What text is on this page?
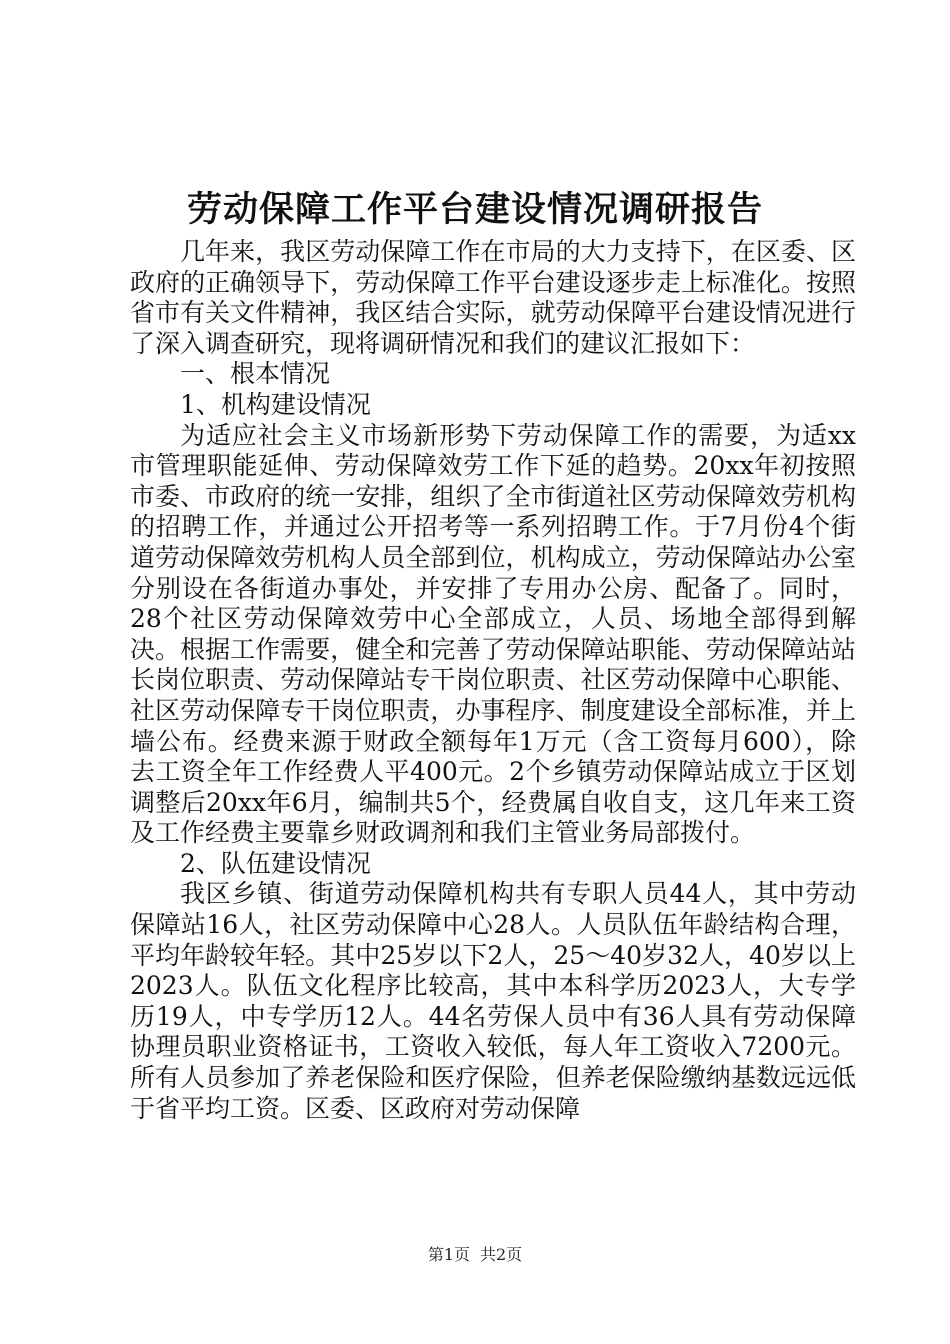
劳动保障工作平台建设情况调研报告

几年来，我区劳动保障工作在市局的大力支持下，在区委、区政府的正确领导下，劳动保障工作平台建设逐步走上标准化。按照省市有关文件精神，我区结合实际，就劳动保障平台建设情况进行了深入调查研究，现将调研情况和我们的建议汇报如下：

一、根本情况

1、机构建设情况

为适应社会主义市场新形势下劳动保障工作的需要，为适xx市管理职能延伸、劳动保障效劳工作下延的趋势。20xx年初按照市委、市政府的统一安排，组织了全市街道社区劳动保障效劳机构的招聘工作，并通过公开招考等一系列招聘工作。于7月份4个街道劳动保障效劳机构人员全部到位，机构成立，劳动保障站办公室分别设在各街道办事处，并安排了专用办公房、配备了。同时，28个社区劳动保障效劳中心全部成立，人员、场地全部得到解决。根据工作需要，健全和完善了劳动保障站职能、劳动保障站站长岗位职责、劳动保障站专干岗位职责、社区劳动保障中心职能、社区劳动保障专干岗位职责，办事程序、制度建设全部标准，并上墙公布。经费来源于财政全额每年1万元（含工资每月600），除去工资全年工作经费人平400元。2个乡镇劳动保障站成立于区划调整后20xx年6月，编制共5个，经费属自收自支，这几年来工资及工作经费主要靠乡财政调剂和我们主管业务局部拨付。

2、队伍建设情况

我区乡镇、街道劳动保障机构共有专职人员44人，其中劳动保障站16人，社区劳动保障中心28人。人员队伍年龄结构合理，平均年龄较年轻。其中25岁以下2人，25～40岁32人，40岁以上2023人。队伍文化程序比较高，其中本科学历2023人，大专学历19人，中专学历12人。44名劳保人员中有36人具有劳动保障协理员职业资格证书，工资收入较低，每人年工资收入7200元。所有人员参加了养老保险和医疗保险，但养老保险缴纳基数远远低于省平均工资。区委、区政府对劳动保障

第1页 共2页
